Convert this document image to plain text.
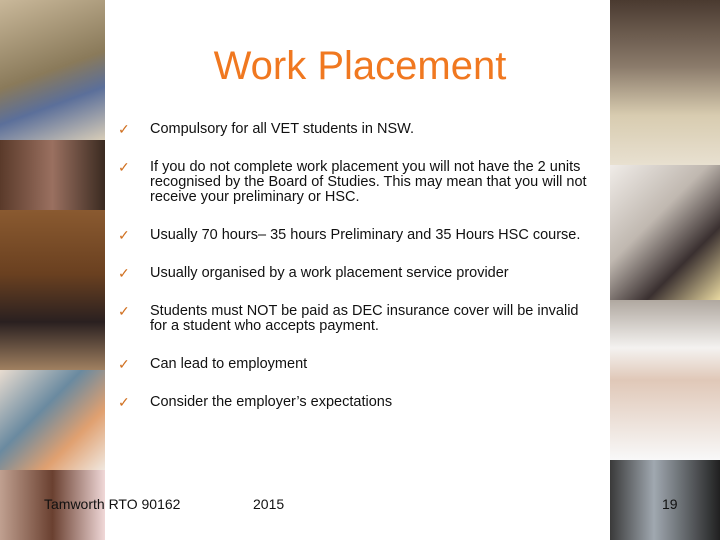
Work Placement
✓ Compulsory for all VET students in NSW.
✓ If you do not complete work placement you will not have the 2 units recognised by the Board of Studies. This may mean that you will not receive your preliminary or HSC.
✓ Usually 70 hours– 35 hours Preliminary and 35 Hours HSC course.
✓ Usually organised by a work placement service provider
✓ Students must NOT be paid as DEC insurance cover will be invalid for a student who accepts payment.
✓ Can lead to employment
✓ Consider the employer’s expectations
Tamworth RTO 90162	2015	19
